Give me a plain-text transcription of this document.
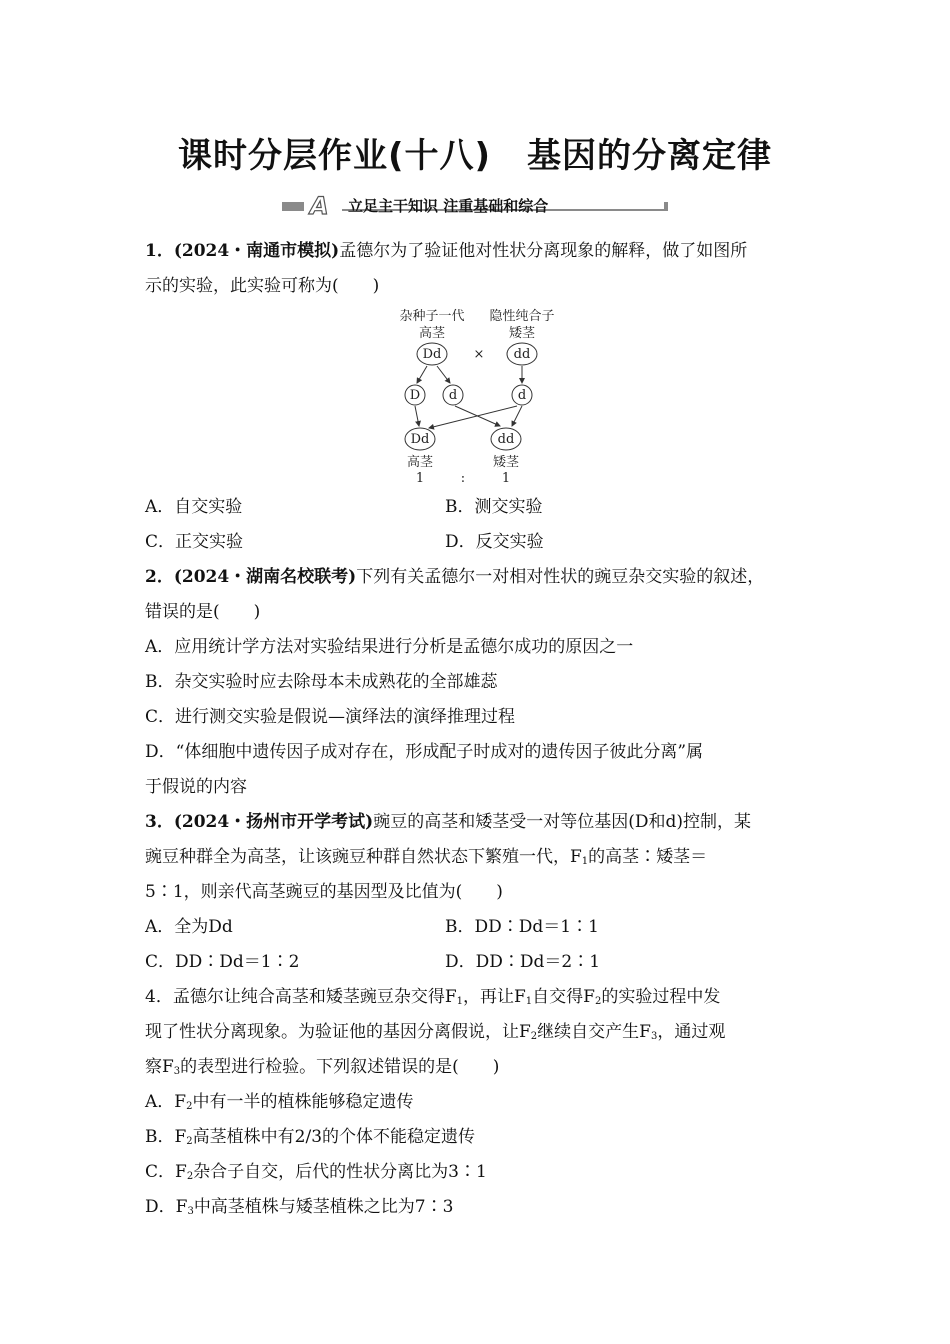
课时分层作业(十八) 基因的分离定律
A 立足主干知识 注重基础和综合

1．(2024・南通市模拟)孟德尔为了验证他对性状分离现象的解释，做了如图所

示的实验，此实验可称为(　　)

杂种子一代
高茎
Dd ×
隐性纯合子
矮茎
dd
D d	d
Dd	dd
高茎	矮茎
1	:	1
A．自交实验	B．测交实验
C．正交实验	D．反交实验

2．(2024・湖南名校联考)下列有关孟德尔一对相对性状的豌豆杂交实验的叙述，

错误的是(　　)

A．应用统计学方法对实验结果进行分析是孟德尔成功的原因之一

B．杂交实验时应去除母本未成熟花的全部雄蕊

C．进行测交实验是假说—演绎法的演绎推理过程

D．“体细胞中遗传因子成对存在，形成配子时成对的遗传因子彼此分离”属

于假说的内容

3．(2024・扬州市开学考试)豌豆的高茎和矮茎受一对等位基因(D和d)控制，某

豌豆种群全为高茎，让该豌豆种群自然状态下繁殖一代，$F_1$的高茎∶矮茎＝

5∶1，则亲代高茎豌豆的基因型及比值为(　　)

A．全为Dd	B．DD∶Dd＝1∶1
C．DD∶Dd＝1∶2	D．DD∶Dd＝2∶1

4．孟德尔让纯合高茎和矮茎豌豆杂交得$F_1$，再让$F_1$自交得$F_2$的实验过程中发

现了性状分离现象。为验证他的基因分离假说，让$F_2$继续自交产生$F_3$，通过观

察$F_3$的表型进行检验。下列叙述错误的是(　　)

A．$F_2$中有一半的植株能够稳定遗传

B．$F_2$高茎植株中有2/3的个体不能稳定遗传

C．$F_2$杂合子自交，后代的性状分离比为3∶1

D．$F_3$中高茎植株与矮茎植株之比为7∶3
